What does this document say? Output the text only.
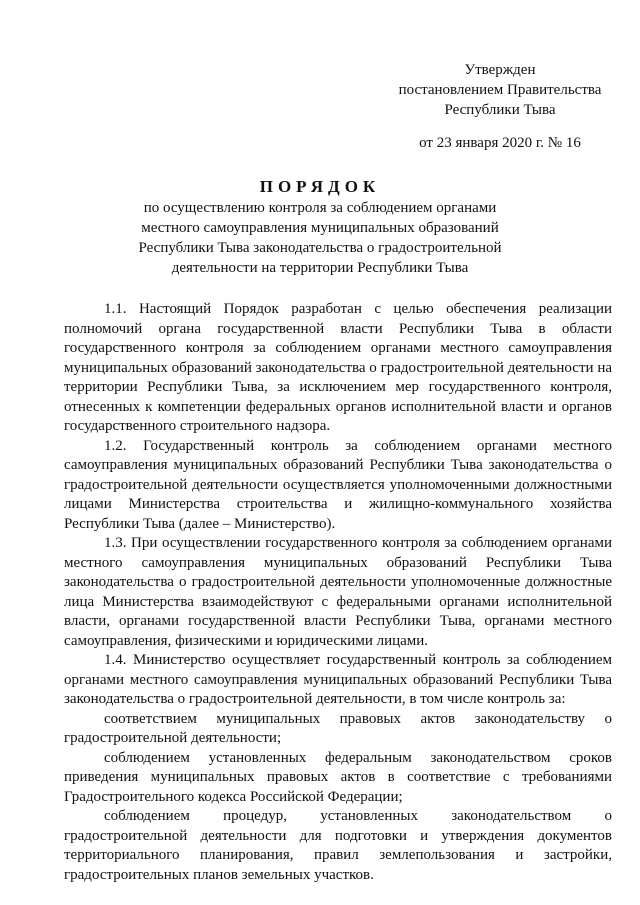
Утвержден
постановлением Правительства
Республики Тыва
от 23 января 2020 г. № 16
ПОРЯДОК
по осуществлению контроля за соблюдением органами
местного самоуправления муниципальных образований
Республики Тыва законодательства о градостроительной
деятельности на территории Республики Тыва

1.1. Настоящий Порядок разработан с целью обеспечения реализации полномочий органа государственной власти Республики Тыва в области государственного контроля за соблюдением органами местного самоуправления муниципальных образований законодательства о градостроительной деятельности на территории Республики Тыва, за исключением мер государственного контроля, отнесенных к компетенции федеральных органов исполнительной власти и органов государственного строительного надзора.

1.2. Государственный контроль за соблюдением органами местного самоуправления муниципальных образований Республики Тыва законодательства о градостроительной деятельности осуществляется уполномоченными должностными лицами Министерства строительства и жилищно-коммунального хозяйства Республики Тыва (далее – Министерство).

1.3. При осуществлении государственного контроля за соблюдением органами местного самоуправления муниципальных образований Республики Тыва законодательства о градостроительной деятельности уполномоченные должностные лица Министерства взаимодействуют с федеральными органами исполнительной власти, органами государственной власти Республики Тыва, органами местного самоуправления, физическими и юридическими лицами.

1.4. Министерство осуществляет государственный контроль за соблюдением органами местного самоуправления муниципальных образований Республики Тыва законодательства о градостроительной деятельности, в том числе контроль за:

соответствием муниципальных правовых актов законодательству о градостроительной деятельности;

соблюдением установленных федеральным законодательством сроков приведения муниципальных правовых актов в соответствие с требованиями Градостроительного кодекса Российской Федерации;

соблюдением процедур, установленных законодательством о градостроительной деятельности для подготовки и утверждения документов территориального планирования, правил землепользования и застройки, градостроительных планов земельных участков.
